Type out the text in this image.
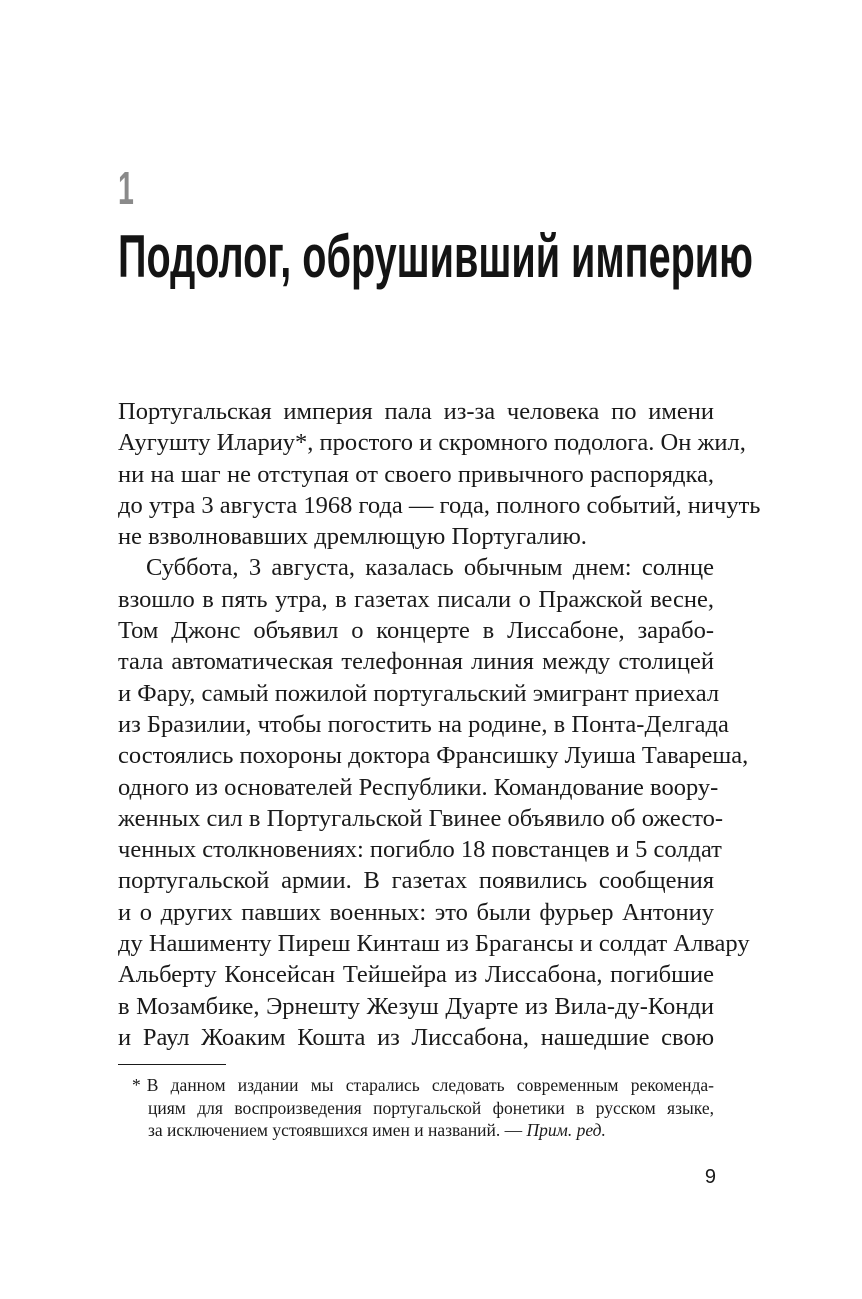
1
Подолог, обрушивший империю

Португальская империя пала из-за человека по имени
Аугушту Илариу*, простого и скромного подолога. Он жил,
ни на шаг не отступая от своего привычного распорядка,
до утра 3 августа 1968 года — года, полного событий, ничуть
не взволновавших дремлющую Португалию.

Суббота, 3 августа, казалась обычным днем: солнце
взошло в пять утра, в газетах писали о Пражской весне,
Том Джонс объявил о концерте в Лиссабоне, зарабо-
тала автоматическая телефонная линия между столицей
и Фару, самый пожилой португальский эмигрант приехал
из Бразилии, чтобы погостить на родине, в Понта-Делгада
состоялись похороны доктора Франсишку Луиша Тавареша,
одного из основателей Республики. Командование воору-
женных сил в Португальской Гвинее объявило об ожесто-
ченных столкновениях: погибло 18 повстанцев и 5 солдат
португальской армии. В газетах появились сообщения
и о других павших военных: это были фурьер Антониу
ду Нашименту Пиреш Кинташ из Брагансы и солдат Алвару
Альберту Консейсан Тейшейра из Лиссабона, погибшие
в Мозамбике, Эрнешту Жезуш Дуарте из Вила-ду-Конди
и Раул Жоаким Кошта из Лиссабона, нашедшие свою

* В данном издании мы старались следовать современным рекоменда-
циям для воспроизведения португальской фонетики в русском языке,
за исключением устоявшихся имен и названий. — Прим. ред.
9
